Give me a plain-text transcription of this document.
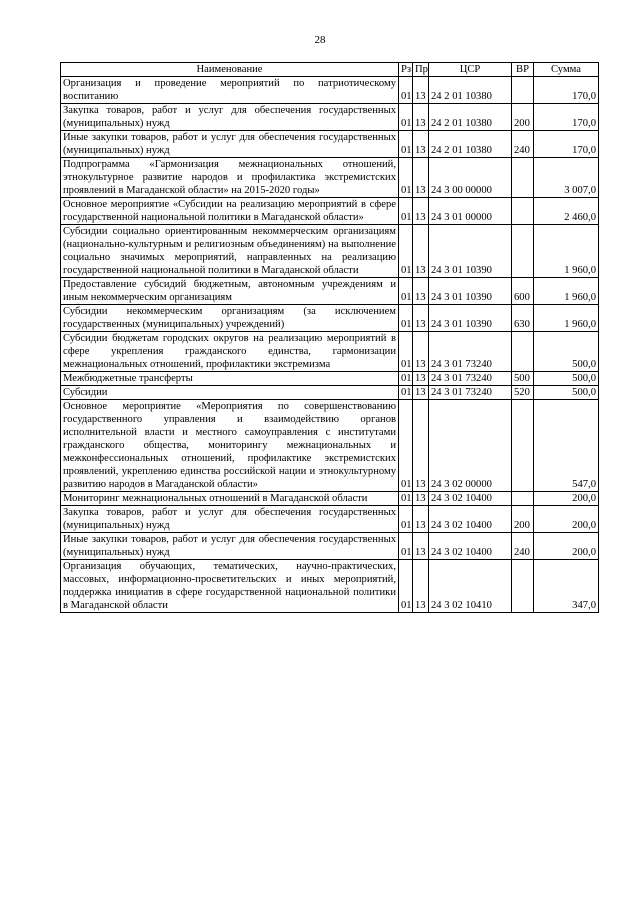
28
Наименование	Рз	Пр	ЦСР	ВР	Сумма
Организация и проведение мероприятий по патриотическому воспитанию	01	13	24 2 01 10380		170,0
Закупка товаров, работ и услуг для обеспечения государственных (муниципальных) нужд	01	13	24 2 01 10380	200	170,0
Иные закупки товаров, работ и услуг для обеспечения государственных (муниципальных) нужд	01	13	24 2 01 10380	240	170,0
Подпрограмма «Гармонизация межнациональных отношений, этнокультурное развитие народов и профилактика экстремистских проявлений в Магаданской области» на 2015-2020 годы»	01	13	24 3 00 00000		3 007,0
Основное мероприятие «Субсидии на реализацию мероприятий в сфере государственной национальной политики в Магаданской области»	01	13	24 3 01 00000		2 460,0
Субсидии социально ориентированным некоммерческим организациям (национально-культурным и религиозным объединениям) на выполнение социально значимых мероприятий, направленных на реализацию государственной национальной политики в Магаданской области	01	13	24 3 01 10390		1 960,0
Предоставление субсидий бюджетным, автономным учреждениям и иным некоммерческим организациям	01	13	24 3 01 10390	600	1 960,0
Субсидии некоммерческим организациям (за исключением государственных (муниципальных) учреждений)	01	13	24 3 01 10390	630	1 960,0
Субсидии бюджетам городских округов на реализацию мероприятий в сфере укрепления гражданского единства, гармонизации межнациональных отношений, профилактики экстремизма	01	13	24 3 01 73240		500,0
Межбюджетные трансферты	01	13	24 3 01 73240	500	500,0
Субсидии	01	13	24 3 01 73240	520	500,0
Основное мероприятие «Мероприятия по совершенствованию государственного управления и взаимодействию органов исполнительной власти и местного самоуправления с институтами гражданского общества, мониторингу межнациональных и межконфессиональных отношений, профилактике экстремистских проявлений, укреплению единства российской нации и этнокультурному развитию народов в Магаданской области»	01	13	24 3 02 00000		547,0
Мониторинг межнациональных отношений в Магаданской области	01	13	24 3 02 10400		200,0
Закупка товаров, работ и услуг для обеспечения государственных (муниципальных) нужд	01	13	24 3 02 10400	200	200,0
Иные закупки товаров, работ и услуг для обеспечения государственных (муниципальных) нужд	01	13	24 3 02 10400	240	200,0
Организация обучающих, тематических, научно-практических, массовых, информационно-просветительских и иных мероприятий, поддержка инициатив в сфере государственной национальной политики в Магаданской области	01	13	24 3 02 10410		347,0
